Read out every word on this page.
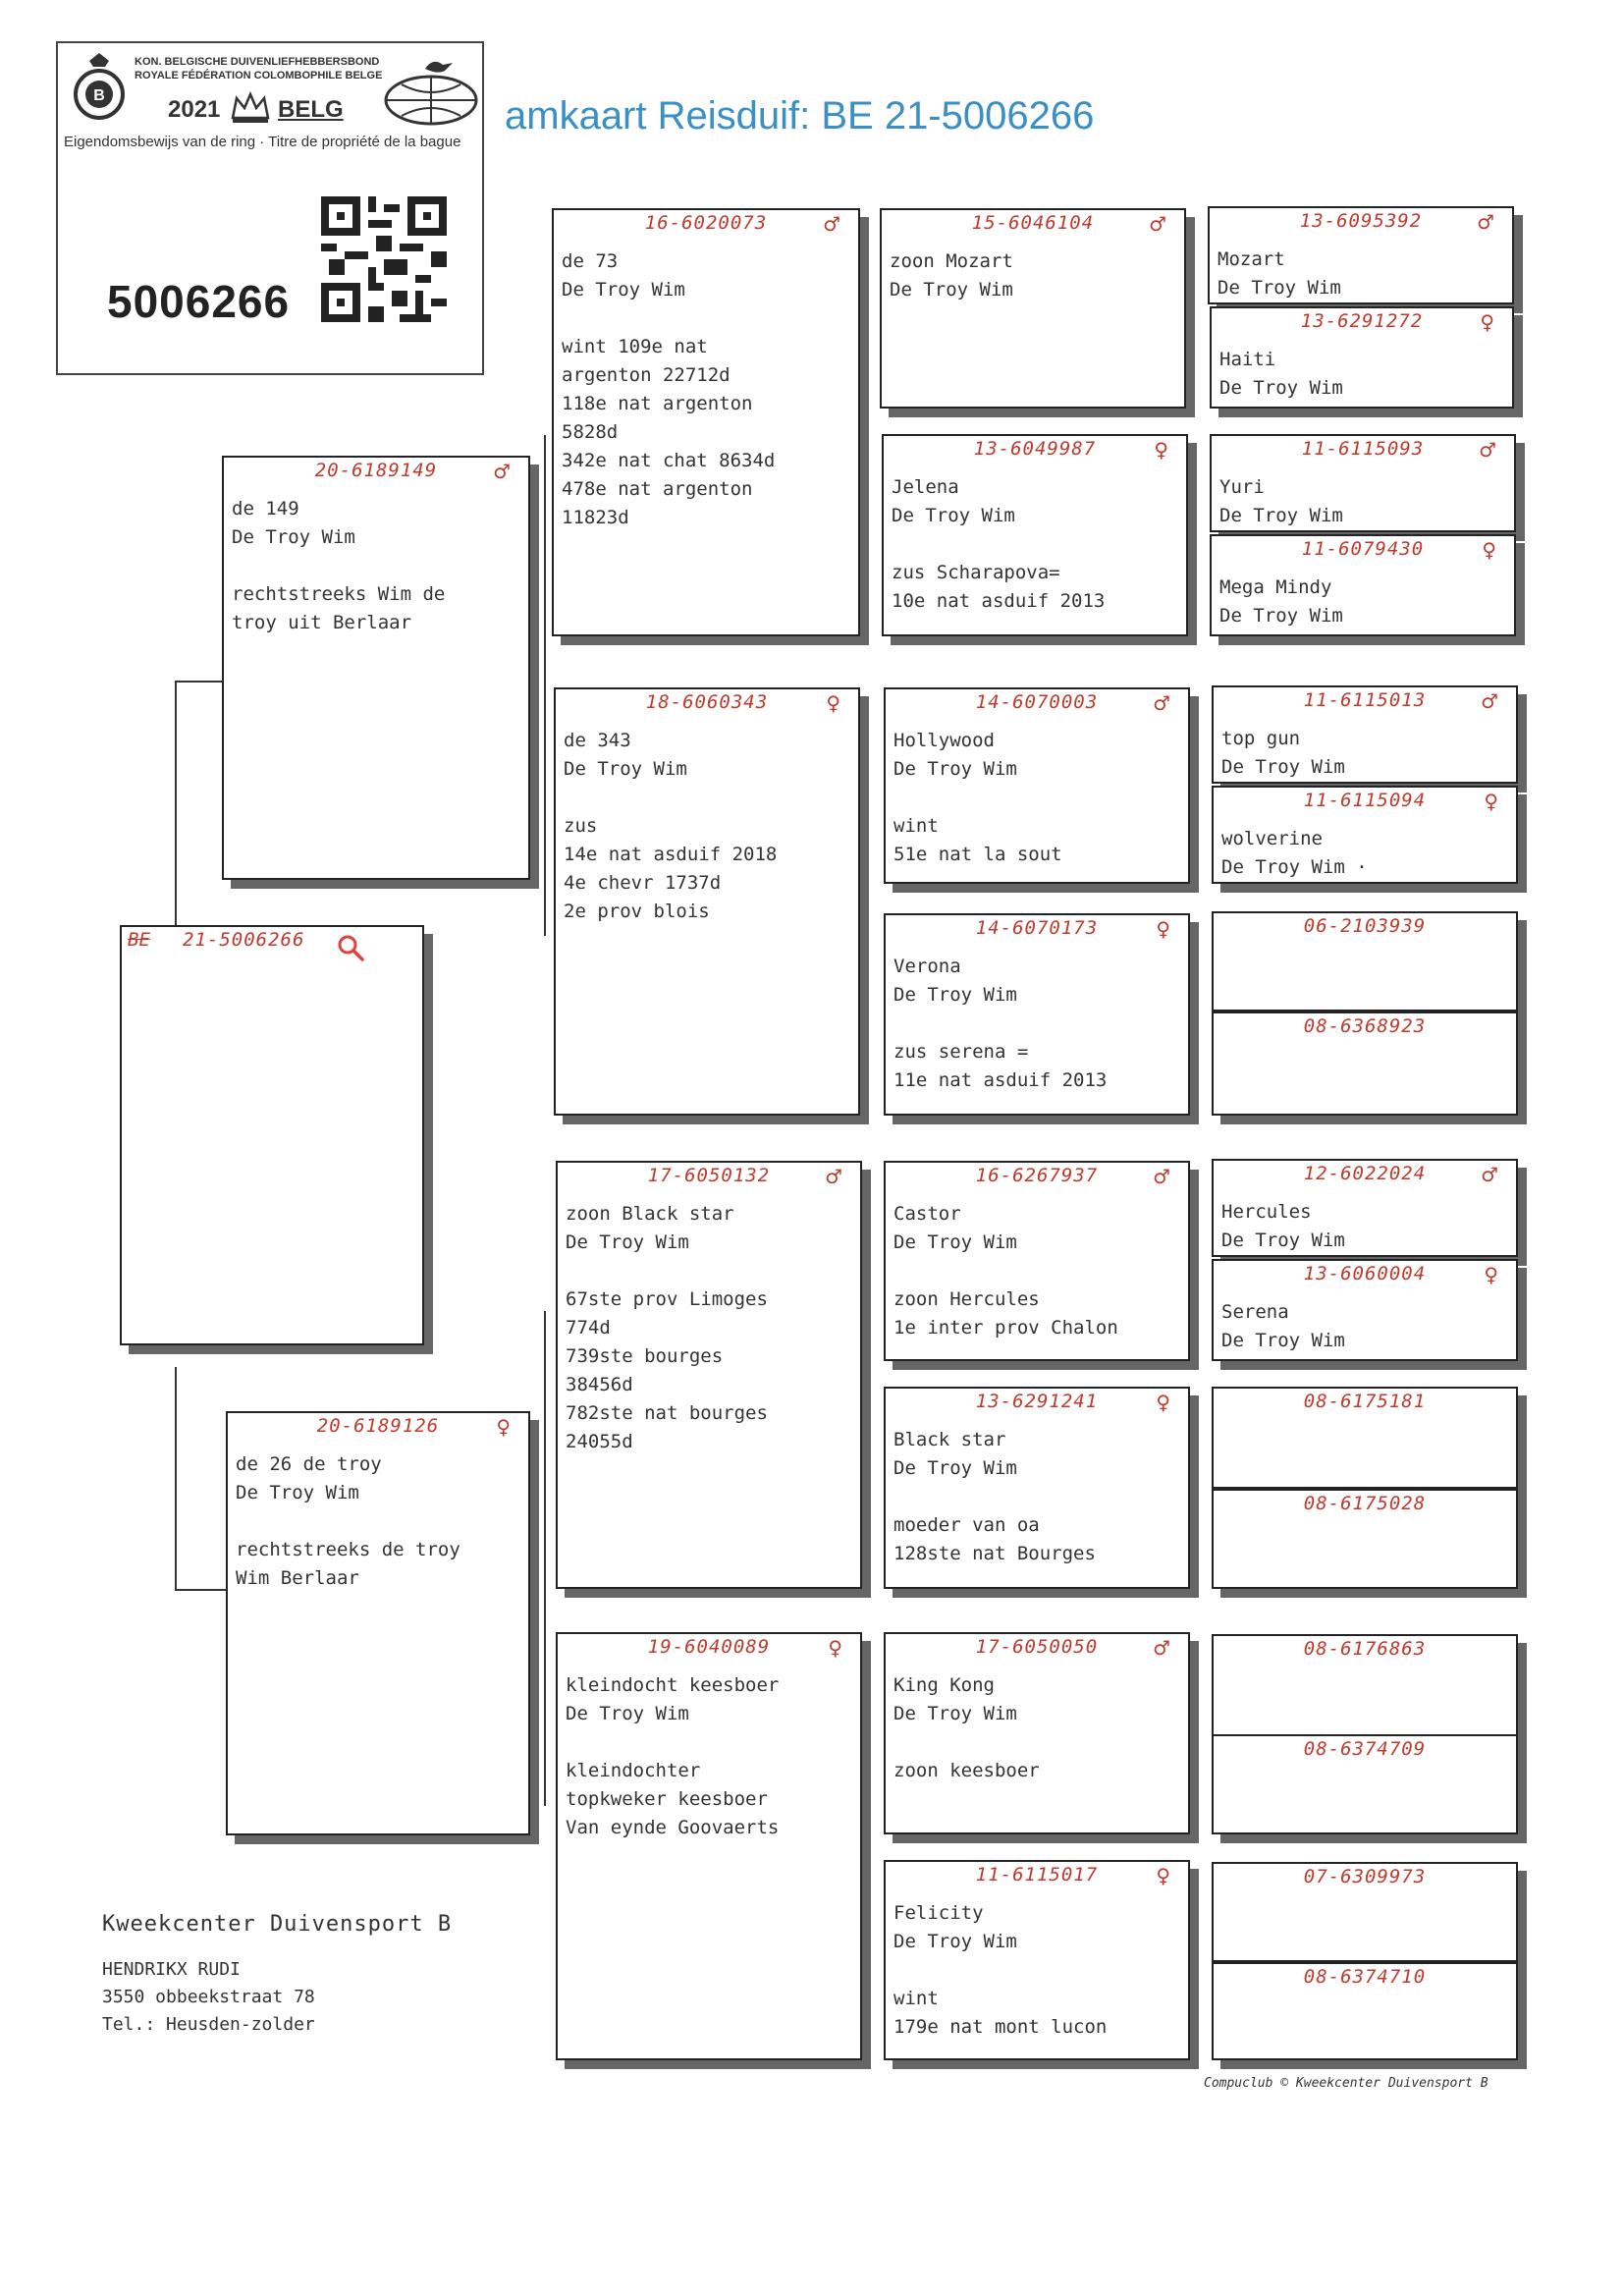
B
KON. BELGISCHE DUIVENLIEFHEBBERSBOND
ROYALE FÉDÉRATION COLOMBOPHILE BELGE
2021 BELG
Eigendomsbewijs van de ring · Titre de propriété de la bague
5006266
amkaart Reisduif: BE 21-5006266
BE 21-5006266
20-6189149	♂
de 149
De Troy Wim

rechtstreeks Wim de
troy uit Berlaar
20-6189126	♀
de 26 de troy
De Troy Wim

rechtstreeks de troy
Wim Berlaar
16-6020073	♂
de 73
De Troy Wim

wint 109e nat
argenton 22712d
118e nat argenton
5828d
342e nat chat 8634d
478e nat argenton
11823d
18-6060343	♀
de 343
De Troy Wim

zus
14e nat asduif 2018
4e chevr 1737d
2e prov blois
17-6050132	♂
zoon Black star
De Troy Wim

67ste prov Limoges
774d
739ste bourges
38456d
782ste nat bourges
24055d
19-6040089	♀
kleindocht keesboer
De Troy Wim

kleindochter
topkweker keesboer
Van eynde Goovaerts
15-6046104	♂
zoon Mozart
De Troy Wim
13-6049987	♀
Jelena
De Troy Wim

zus Scharapova=
10e nat asduif 2013
14-6070003	♂
Hollywood
De Troy Wim

wint
51e nat la sout
14-6070173	♀
Verona
De Troy Wim

zus serena =
11e nat asduif 2013
16-6267937	♂
Castor
De Troy Wim

zoon Hercules
1e inter prov Chalon
13-6291241	♀
Black star
De Troy Wim

moeder van oa
128ste nat Bourges
17-6050050	♂
King Kong
De Troy Wim

zoon keesboer
11-6115017	♀
Felicity
De Troy Wim

wint
179e nat mont lucon
13-6095392	♂
Mozart
De Troy Wim
13-6291272	♀
Haiti
De Troy Wim
11-6115093	♂
Yuri
De Troy Wim
11-6079430	♀
Mega Mindy
De Troy Wim
11-6115013	♂
top gun
De Troy Wim
11-6115094	♀
wolverine
De Troy Wim ·
06-2103939
08-6368923
12-6022024	♂
Hercules
De Troy Wim
13-6060004	♀
Serena
De Troy Wim
08-6175181
08-6175028
08-6176863
08-6374709
07-6309973
08-6374710
Kweekcenter Duivensport B
HENDRIKX RUDI
3550 obbeekstraat 78
Tel.: Heusden-zolder
Compuclub © Kweekcenter Duivensport B
